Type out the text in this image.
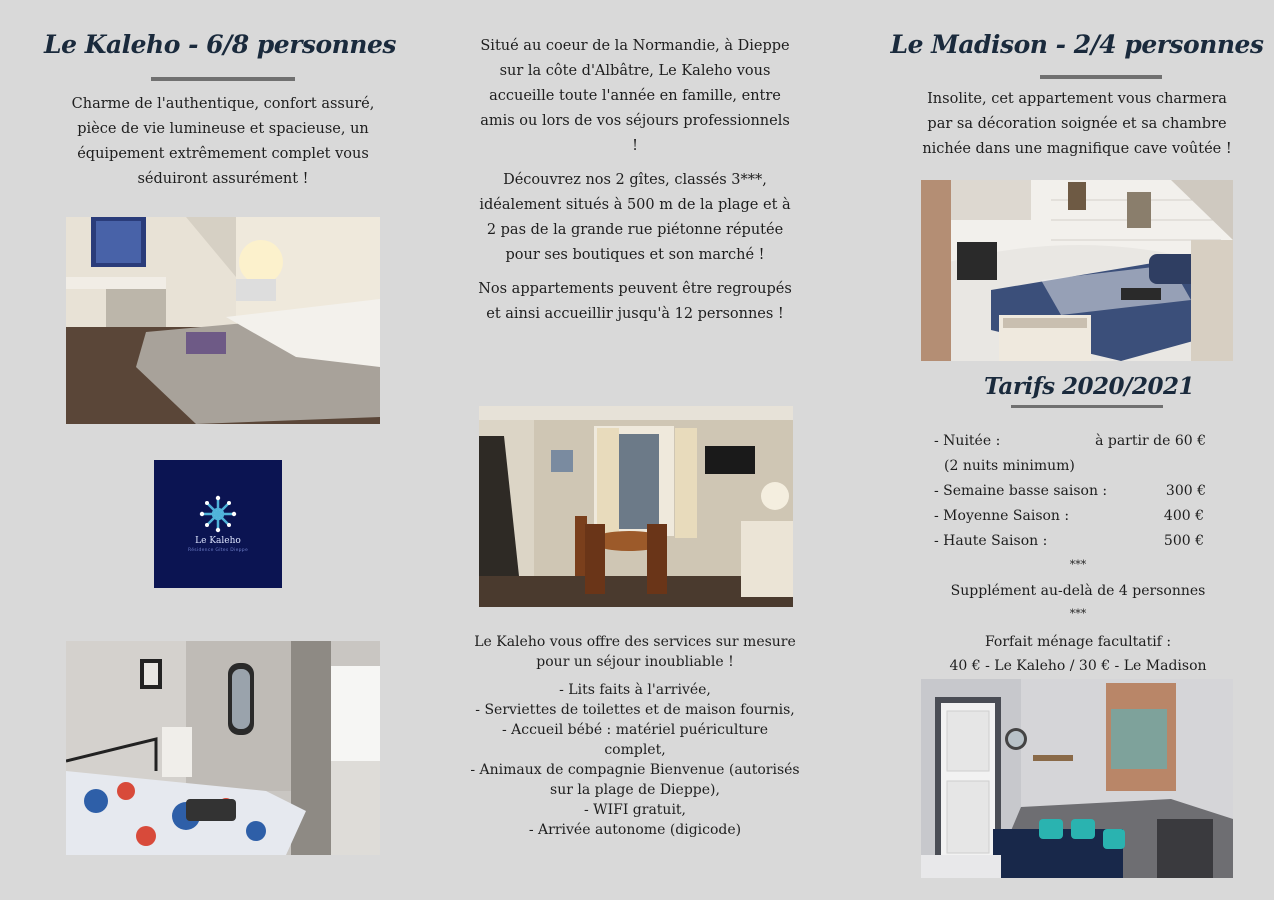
Le Kaleho - 6/8 personnes

Charme de l'authentique, confort assuré, pièce de vie lumineuse et spacieuse, un équipement extrêmement complet vous séduiront assurément !

Le Kaleho
Résidence Gîtes Dieppe

Situé au coeur de la Normandie, à Dieppe sur la côte d'Albâtre, Le Kaleho vous accueille toute l'année en famille, entre amis ou lors de vos séjours professionnels !

Découvrez nos 2 gîtes, classés 3***, idéalement situés à 500 m de la plage et à 2 pas de la grande rue piétonne réputée pour ses boutiques et son marché !

Nos appartements peuvent être regroupés et ainsi accueillir jusqu'à 12 personnes !

Le Kaleho vous offre des services sur mesure pour un séjour inoubliable !

- Lits faits à l'arrivée,

- Serviettes de toilettes et de maison fournis,

- Accueil bébé : matériel puériculture complet,

- Animaux de compagnie Bienvenue (autorisés sur la plage de Dieppe),

- WIFI gratuit,

- Arrivée autonome (digicode)

Le Madison - 2/4 personnes

Insolite, cet appartement vous charmera par sa décoration soignée et sa chambre nichée dans une magnifique cave voûtée !

Tarifs 2020/2021
- Nuitée :	à partir de 60 €
(2 nuits minimum)
- Semaine basse saison :	300 €
- Moyenne Saison :	400 €
- Haute Saison :	500 €
***
Supplément au-delà de 4 personnes
***
Forfait ménage facultatif :
40 € - Le Kaleho / 30 € - Le Madison
